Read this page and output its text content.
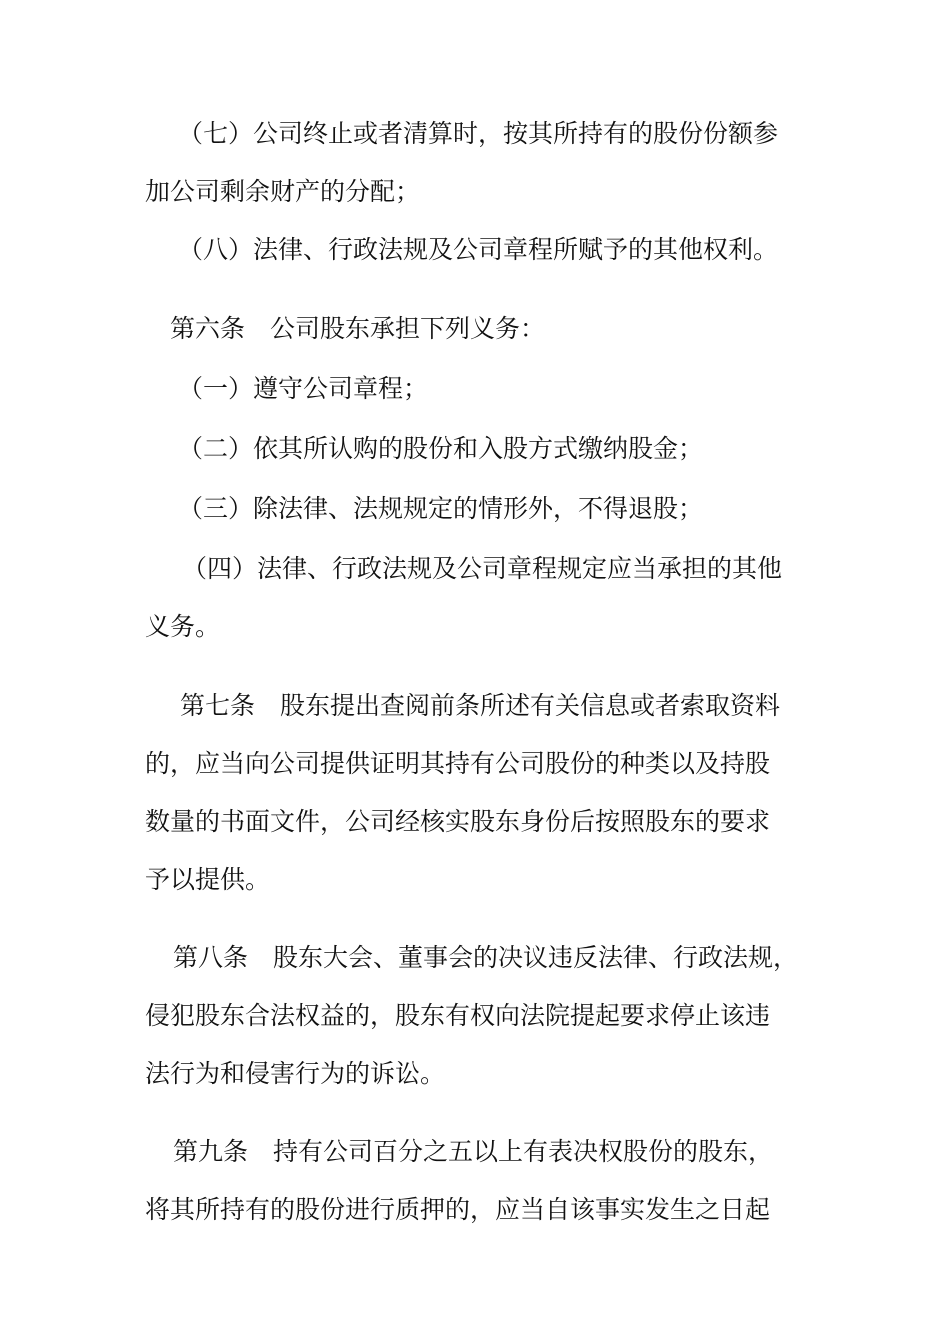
（七）公司终止或者清算时，按其所持有的股份份额参
加公司剩余财产的分配；
（八）法律、行政法规及公司章程所赋予的其他权利。
第六条　公司股东承担下列义务：
（一）遵守公司章程；
（二）依其所认购的股份和入股方式缴纳股金；
（三）除法律、法规规定的情形外，不得退股；
（四）法律、行政法规及公司章程规定应当承担的其他
义务。
第七条　股东提出查阅前条所述有关信息或者索取资料
的，应当向公司提供证明其持有公司股份的种类以及持股
数量的书面文件，公司经核实股东身份后按照股东的要求
予以提供。
第八条　股东大会、董事会的决议违反法律、行政法规，
侵犯股东合法权益的，股东有权向法院提起要求停止该违
法行为和侵害行为的诉讼。
第九条　持有公司百分之五以上有表决权股份的股东，
将其所持有的股份进行质押的，应当自该事实发生之日起
